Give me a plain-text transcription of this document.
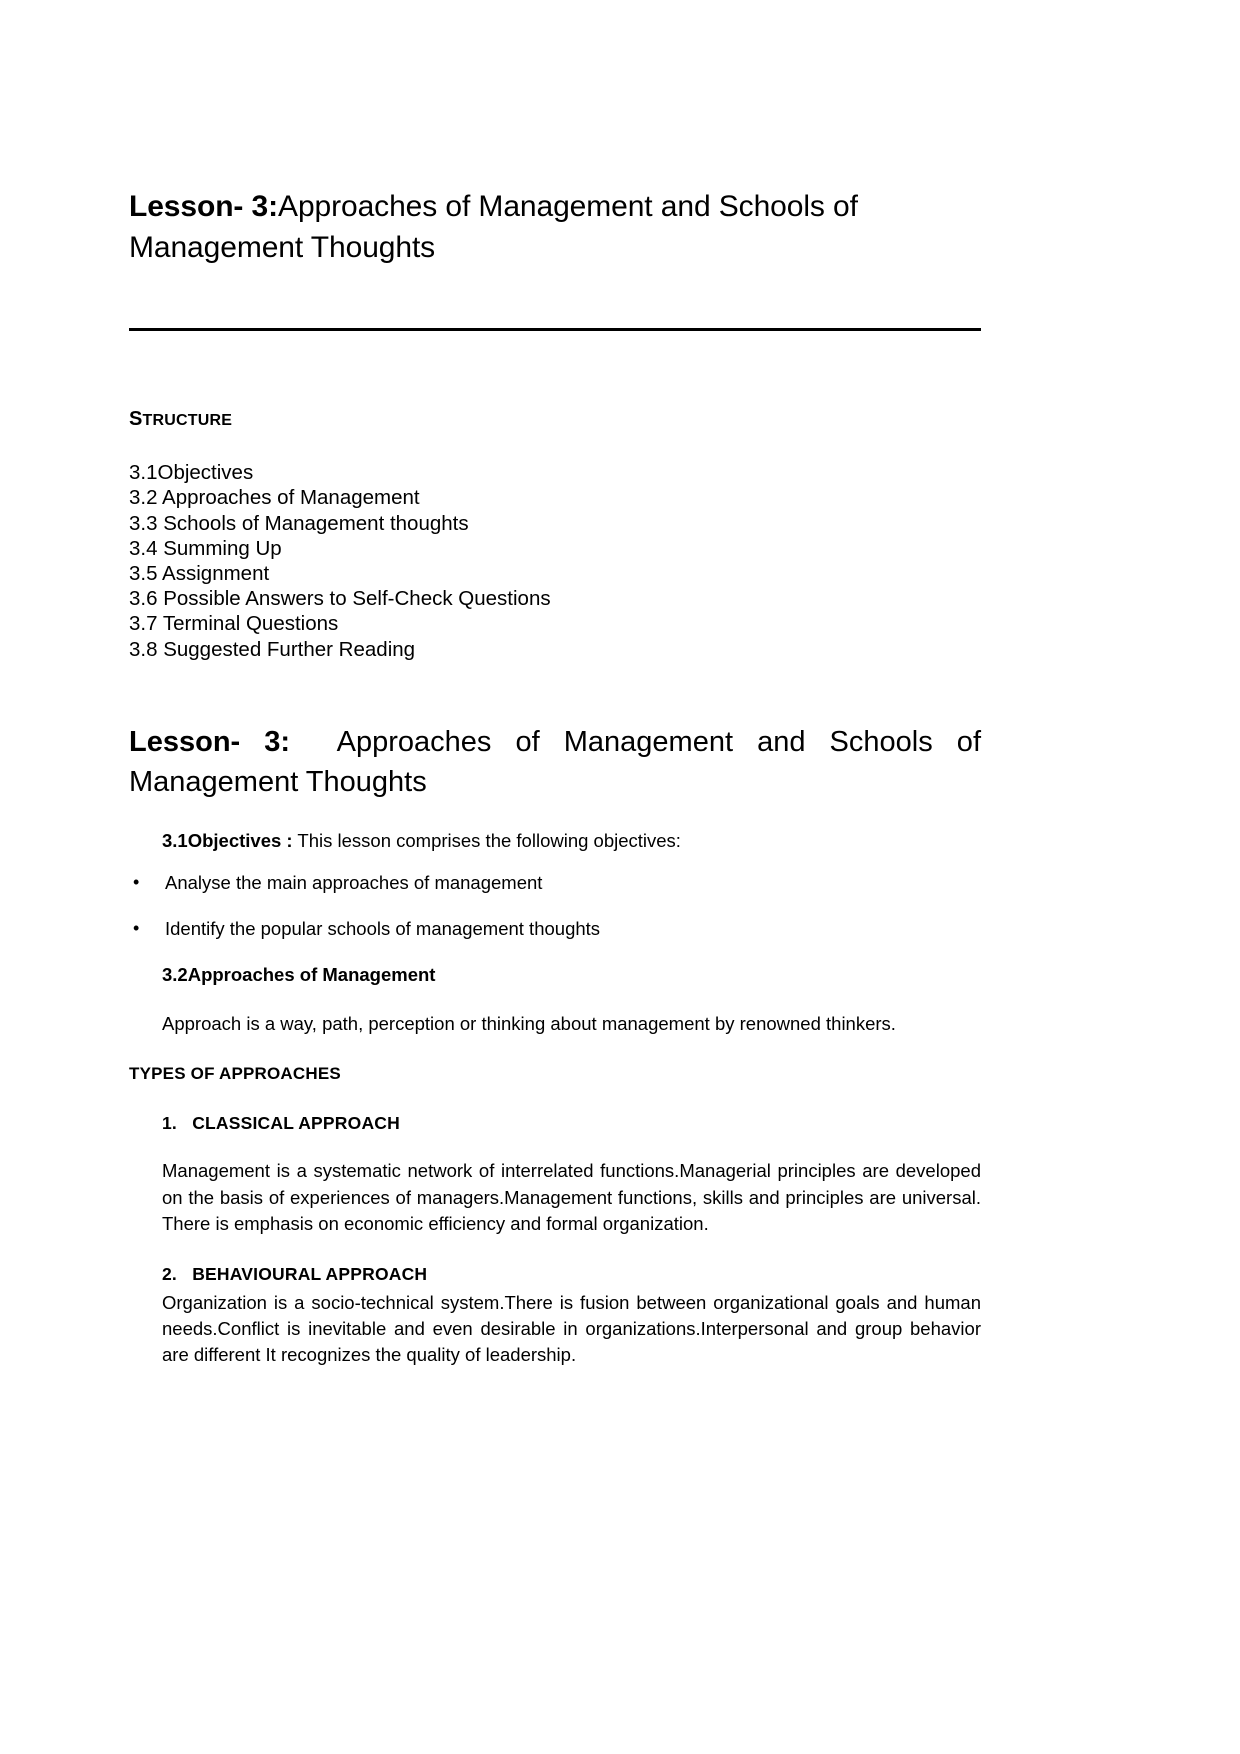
Lesson- 3:Approaches of Management and Schools of Management Thoughts
STRUCTURE
3.1Objectives
3.2 Approaches of Management
3.3 Schools of Management thoughts
3.4 Summing Up
3.5 Assignment
3.6 Possible Answers to Self-Check Questions
3.7 Terminal Questions
3.8 Suggested Further Reading
Lesson- 3: Approaches of Management and Schools of
Management Thoughts
3.1Objectives : This lesson comprises the following objectives:
• Analyse the main approaches of management
• Identify the popular schools of management thoughts
3.2Approaches of Management

Approach is a way, path, perception or thinking about management by renowned thinkers.

TYPES OF APPROACHES
1. CLASSICAL APPROACH

Management is a systematic network of interrelated functions.Managerial principles are developed on the basis of experiences of managers.Management functions, skills and principles are universal. There is emphasis on economic efficiency and formal organization.

2. BEHAVIOURAL APPROACH

Organization is a socio-technical system.There is fusion between organizational goals and human needs.Conflict is inevitable and even desirable in organizations.Interpersonal and group behavior are different It recognizes the quality of leadership.
